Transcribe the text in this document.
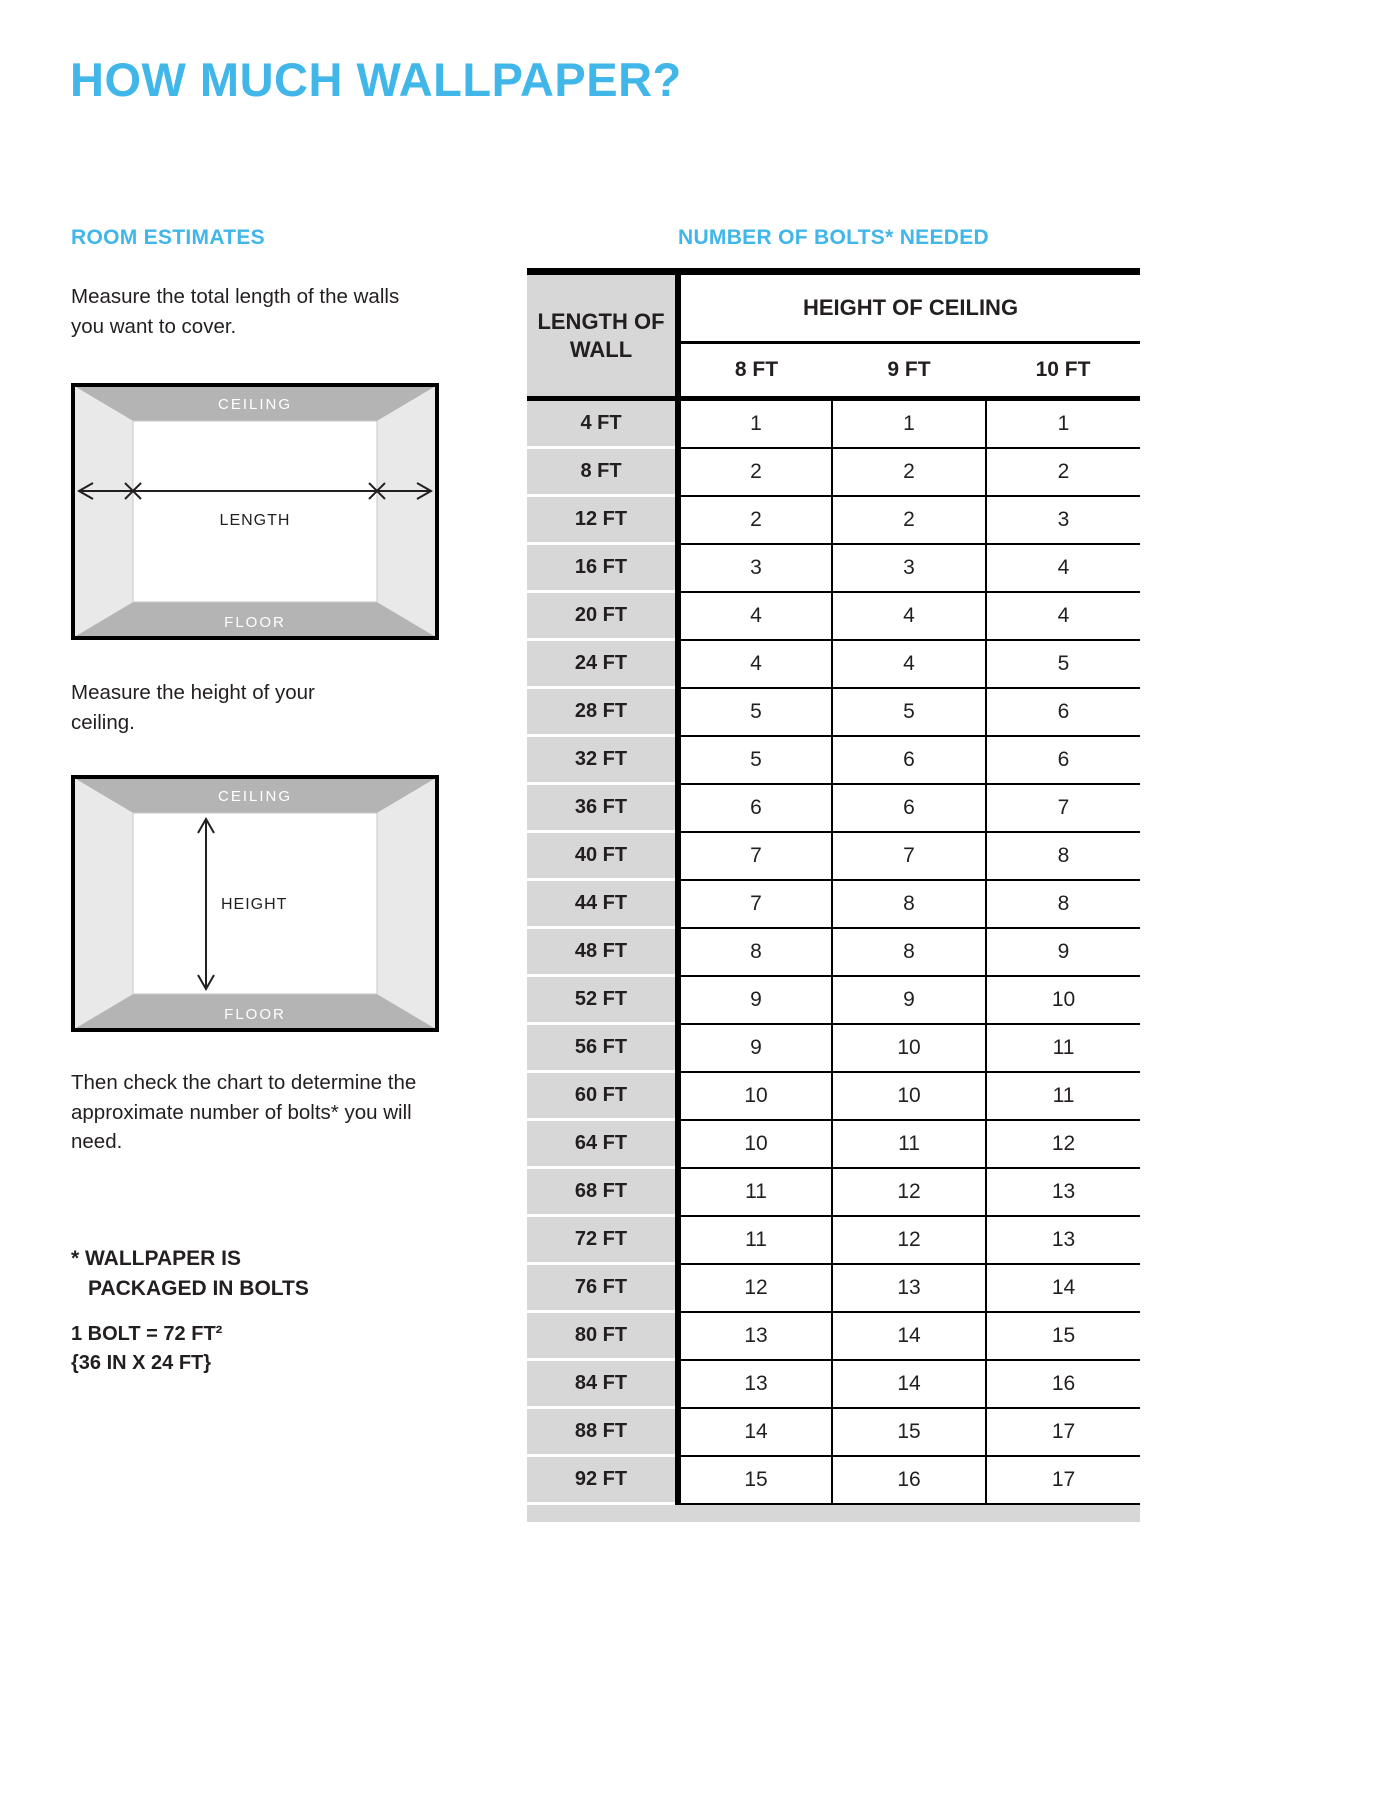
HOW MUCH WALLPAPER?
ROOM ESTIMATES
Measure the total length of the walls you want to cover.
CEILING
LENGTH
FLOOR
Measure the height of your ceiling.
CEILING
HEIGHT
FLOOR
Then check the chart to determine the approximate number of bolts* you will need.
* WALLPAPER IS
PACKAGED IN BOLTS
1 BOLT = 72 FT²
{36 IN X 24 FT}
NUMBER OF BOLTS* NEEDED
LENGTH OF WALL	HEIGHT OF CEILING		
	8 FT	9 FT	10 FT
4 FT	1	1	1
8 FT	2	2	2
12 FT	2	2	3
16 FT	3	3	4
20 FT	4	4	4
24 FT	4	4	5
28 FT	5	5	6
32 FT	5	6	6
36 FT	6	6	7
40 FT	7	7	8
44 FT	7	8	8
48 FT	8	8	9
52 FT	9	9	10
56 FT	9	10	11
60 FT	10	10	11
64 FT	10	11	12
68 FT	11	12	13
72 FT	11	12	13
76 FT	12	13	14
80 FT	13	14	15
84 FT	13	14	16
88 FT	14	15	17
92 FT	15	16	17
